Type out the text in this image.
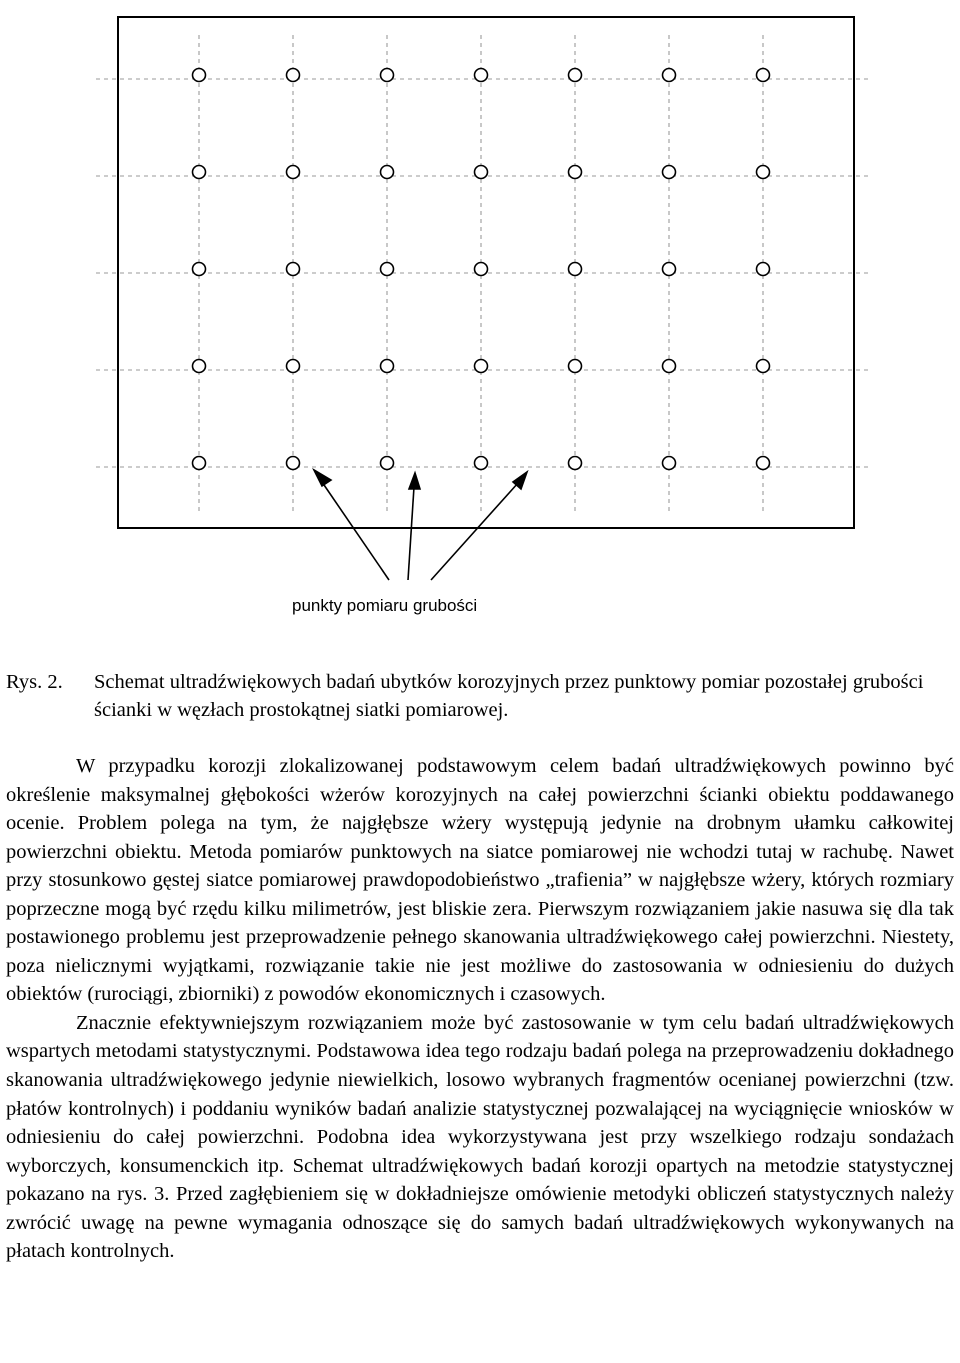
punkty pomiaru grubości
Rys. 2.	Schemat ultradźwiękowych badań ubytków korozyjnych przez punktowy pomiar pozostałej grubości ścianki w węzłach prostokątnej siatki pomiarowej.

W przypadku korozji zlokalizowanej podstawowym celem badań ultradźwiękowych powinno być określenie maksymalnej głębokości wżerów korozyjnych na całej powierzchni ścianki obiektu poddawanego ocenie. Problem polega na tym, że najgłębsze wżery występują jedynie na drobnym ułamku całkowitej powierzchni obiektu. Metoda pomiarów punktowych na siatce pomiarowej nie wchodzi tutaj w rachubę. Nawet przy stosunkowo gęstej siatce pomiarowej prawdopodobieństwo „trafienia” w najgłębsze wżery, których rozmiary poprzeczne mogą być rzędu kilku milimetrów, jest bliskie zera. Pierwszym rozwiązaniem jakie nasuwa się dla tak postawionego problemu jest przeprowadzenie pełnego skanowania ultradźwiękowego całej powierzchni. Niestety, poza nielicznymi wyjątkami, rozwiązanie takie nie jest możliwe do zastosowania w odniesieniu do dużych obiektów (rurociągi, zbiorniki) z powodów ekonomicznych i czasowych.

Znacznie efektywniejszym rozwiązaniem może być zastosowanie w tym celu badań ultradźwiękowych wspartych metodami statystycznymi. Podstawowa idea tego rodzaju badań polega na przeprowadzeniu dokładnego skanowania ultradźwiękowego jedynie niewielkich, losowo wybranych fragmentów ocenianej powierzchni (tzw. płatów kontrolnych) i poddaniu wyników badań analizie statystycznej pozwalającej na wyciągnięcie wniosków w odniesieniu do całej powierzchni. Podobna idea wykorzystywana jest przy wszelkiego rodzaju sondażach wyborczych, konsumenckich itp. Schemat ultradźwiękowych badań korozji opartych na metodzie statystycznej pokazano na rys. 3. Przed zagłębieniem się w dokładniejsze omówienie metodyki obliczeń statystycznych należy zwrócić uwagę na pewne wymagania odnoszące się do samych badań ultradźwiękowych wykonywanych na płatach kontrolnych.
